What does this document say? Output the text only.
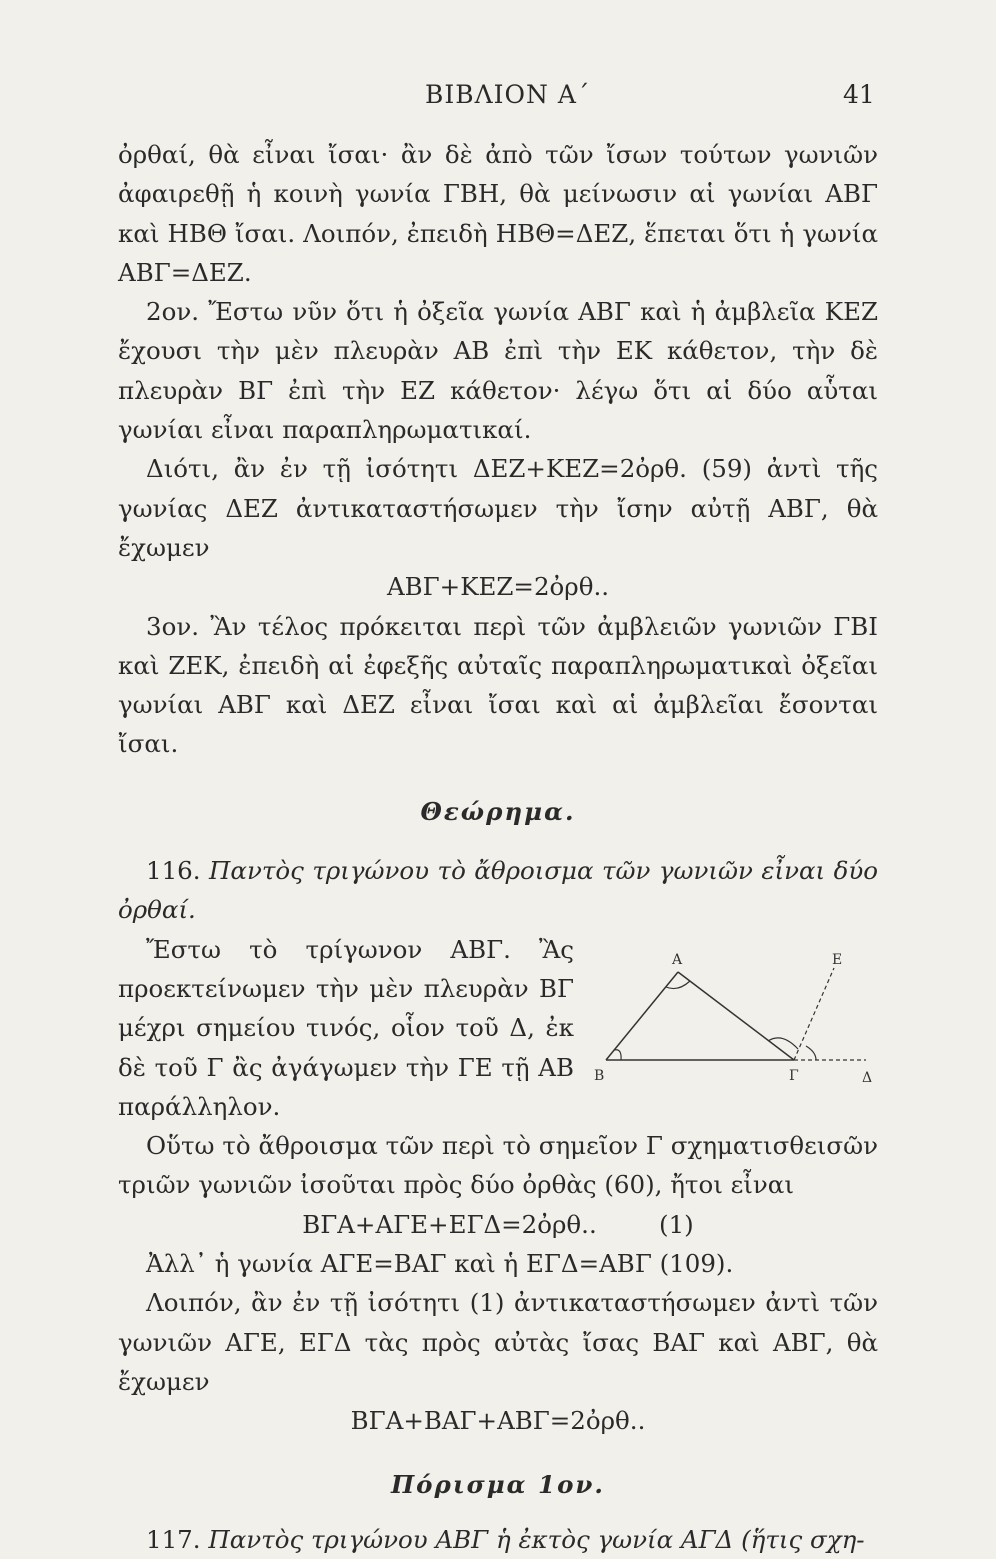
ΒΙΒΛΙΟΝ Α΄	41

ὀρθαί, θὰ εἶναι ἴσαι· ἂν δὲ ἀπὸ τῶν ἴσων τούτων γωνιῶν ἀφαιρεθῇ ἡ κοινὴ γωνία ΓΒΗ, θὰ μείνωσιν αἱ γωνίαι ΑΒΓ καὶ ΗΒΘ ἴσαι. Λοιπόν, ἐπειδὴ ΗΒΘ=ΔΕΖ, ἕπεται ὅτι ἡ γωνία ΑΒΓ=ΔΕΖ.

2ον. Ἔστω νῦν ὅτι ἡ ὀξεῖα γωνία ΑΒΓ καὶ ἡ ἀμβλεῖα ΚΕΖ ἔχουσι τὴν μὲν πλευρὰν ΑΒ ἐπὶ τὴν ΕΚ κάθετον, τὴν δὲ πλευρὰν ΒΓ ἐπὶ τὴν ΕΖ κάθετον· λέγω ὅτι αἱ δύο αὗται γωνίαι εἶναι παραπληρωματικαί.

Διότι, ἂν ἐν τῇ ἰσότητι ΔΕΖ+ΚΕΖ=2ὀρθ. (59) ἀντὶ τῆς γωνίας ΔΕΖ ἀντικαταστήσωμεν τὴν ἴσην αὐτῇ ΑΒΓ, θὰ ἔχωμεν

ΑΒΓ+ΚΕΖ=2ὀρθ..

3ον. Ἂν τέλος πρόκειται περὶ τῶν ἀμβλειῶν γωνιῶν ΓΒΙ καὶ ΖΕΚ, ἐπειδὴ αἱ ἐφεξῆς αὐταῖς παραπληρωματικαὶ ὀξεῖαι γωνίαι ΑΒΓ καὶ ΔΕΖ εἶναι ἴσαι καὶ αἱ ἀμβλεῖαι ἔσονται ἴσαι.

Θεώρημα.

116. Παντὸς τριγώνου τὸ ἄθροισμα τῶν γωνιῶν εἶναι δύο ὀρθαί.

Α
Β	Γ	Δ
Ε

Ἔστω τὸ τρίγωνον ΑΒΓ. Ἂς προεκτείνωμεν τὴν μὲν πλευρὰν ΒΓ μέχρι σημείου τινός, οἷον τοῦ Δ, ἐκ δὲ τοῦ Γ ἂς ἀγάγωμεν τὴν ΓΕ τῇ ΑΒ παράλληλον.

Οὕτω τὸ ἄθροισμα τῶν περὶ τὸ σημεῖον Γ σχηματισθεισῶν τριῶν γωνιῶν ἰσοῦται πρὸς δύο ὀρθὰς (60), ἤτοι εἶναι

ΒΓΑ+ΑΓΕ+ΕΓΔ=2ὀρθ..        (1)

Ἀλλ᾽ ἡ γωνία ΑΓΕ=ΒΑΓ καὶ ἡ ΕΓΔ=ΑΒΓ (109).

Λοιπόν, ἂν ἐν τῇ ἰσότητι (1) ἀντικαταστήσωμεν ἀντὶ τῶν γωνιῶν ΑΓΕ, ΕΓΔ τὰς πρὸς αὐτὰς ἴσας ΒΑΓ καὶ ΑΒΓ, θὰ ἔχωμεν

ΒΓΑ+ΒΑΓ+ΑΒΓ=2ὀρθ..

Πόρισμα 1ον.

117. Παντὸς τριγώνου ΑΒΓ ἡ ἐκτὸς γωνία ΑΓΔ (ἥτις σχη-
